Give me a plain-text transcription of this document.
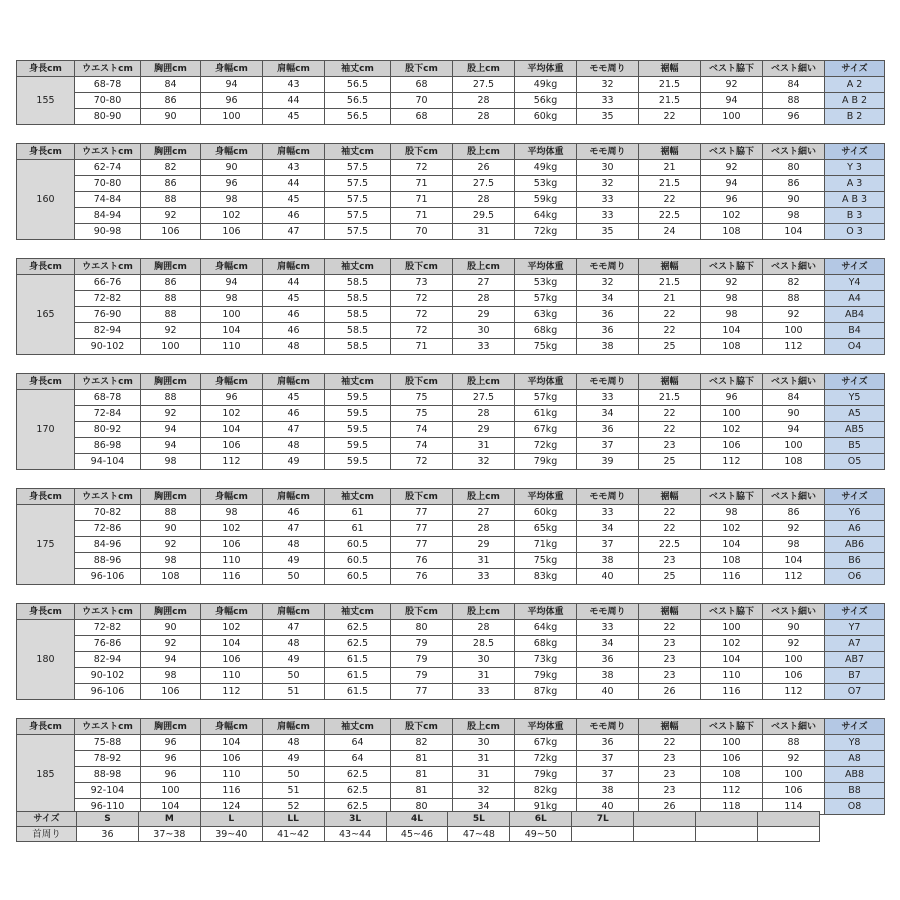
身長cm	ウエストcm	胸囲cm	身幅cm	肩幅cm	袖丈cm	股下cm	股上cm	平均体重	モモ周り	裾幅	ベスト脇下	ベスト細い	サイズ
155	68-78	84	94	43	56.5	68	27.5	49kg	32	21.5	92	84	A 2
	70-80	86	96	44	56.5	70	28	56kg	33	21.5	94	88	A B 2
	80-90	90	100	45	56.5	68	28	60kg	35	22	100	96	B 2
身長cm	ウエストcm	胸囲cm	身幅cm	肩幅cm	袖丈cm	股下cm	股上cm	平均体重	モモ周り	裾幅	ベスト脇下	ベスト細い	サイズ
160	62-74	82	90	43	57.5	72	26	49kg	30	21	92	80	Y 3
	70-80	86	96	44	57.5	71	27.5	53kg	32	21.5	94	86	A 3
	74-84	88	98	45	57.5	71	28	59kg	33	22	96	90	A B 3
	84-94	92	102	46	57.5	71	29.5	64kg	33	22.5	102	98	B 3
	90-98	106	106	47	57.5	70	31	72kg	35	24	108	104	O 3
身長cm	ウエストcm	胸囲cm	身幅cm	肩幅cm	袖丈cm	股下cm	股上cm	平均体重	モモ周り	裾幅	ベスト脇下	ベスト細い	サイズ
165	66-76	86	94	44	58.5	73	27	53kg	32	21.5	92	82	Y4
	72-82	88	98	45	58.5	72	28	57kg	34	21	98	88	A4
	76-90	88	100	46	58.5	72	29	63kg	36	22	98	92	AB4
	82-94	92	104	46	58.5	72	30	68kg	36	22	104	100	B4
	90-102	100	110	48	58.5	71	33	75kg	38	25	108	112	O4
身長cm	ウエストcm	胸囲cm	身幅cm	肩幅cm	袖丈cm	股下cm	股上cm	平均体重	モモ周り	裾幅	ベスト脇下	ベスト細い	サイズ
170	68-78	88	96	45	59.5	75	27.5	57kg	33	21.5	96	84	Y5
	72-84	92	102	46	59.5	75	28	61kg	34	22	100	90	A5
	80-92	94	104	47	59.5	74	29	67kg	36	22	102	94	AB5
	86-98	94	106	48	59.5	74	31	72kg	37	23	106	100	B5
	94-104	98	112	49	59.5	72	32	79kg	39	25	112	108	O5
身長cm	ウエストcm	胸囲cm	身幅cm	肩幅cm	袖丈cm	股下cm	股上cm	平均体重	モモ周り	裾幅	ベスト脇下	ベスト細い	サイズ
175	70-82	88	98	46	61	77	27	60kg	33	22	98	86	Y6
	72-86	90	102	47	61	77	28	65kg	34	22	102	92	A6
	84-96	92	106	48	60.5	77	29	71kg	37	22.5	104	98	AB6
	88-96	98	110	49	60.5	76	31	75kg	38	23	108	104	B6
	96-106	108	116	50	60.5	76	33	83kg	40	25	116	112	O6
身長cm	ウエストcm	胸囲cm	身幅cm	肩幅cm	袖丈cm	股下cm	股上cm	平均体重	モモ周り	裾幅	ベスト脇下	ベスト細い	サイズ
180	72-82	90	102	47	62.5	80	28	64kg	33	22	100	90	Y7
	76-86	92	104	48	62.5	79	28.5	68kg	34	23	102	92	A7
	82-94	94	106	49	61.5	79	30	73kg	36	23	104	100	AB7
	90-102	98	110	50	61.5	79	31	79kg	38	23	110	106	B7
	96-106	106	112	51	61.5	77	33	87kg	40	26	116	112	O7
身長cm	ウエストcm	胸囲cm	身幅cm	肩幅cm	袖丈cm	股下cm	股上cm	平均体重	モモ周り	裾幅	ベスト脇下	ベスト細い	サイズ
185	75-88	96	104	48	64	82	30	67kg	36	22	100	88	Y8
	78-92	96	106	49	64	81	31	72kg	37	23	106	92	A8
	88-98	96	110	50	62.5	81	31	79kg	37	23	108	100	AB8
	92-104	100	116	51	62.5	81	32	82kg	38	23	112	106	B8
	96-110	104	124	52	62.5	80	34	91kg	40	26	118	114	O8
サイズ	S	M	L	LL	3L	4L	5L	6L	7L			
首周り	36	37~38	39~40	41~42	43~44	45~46	47~48	49~50				
